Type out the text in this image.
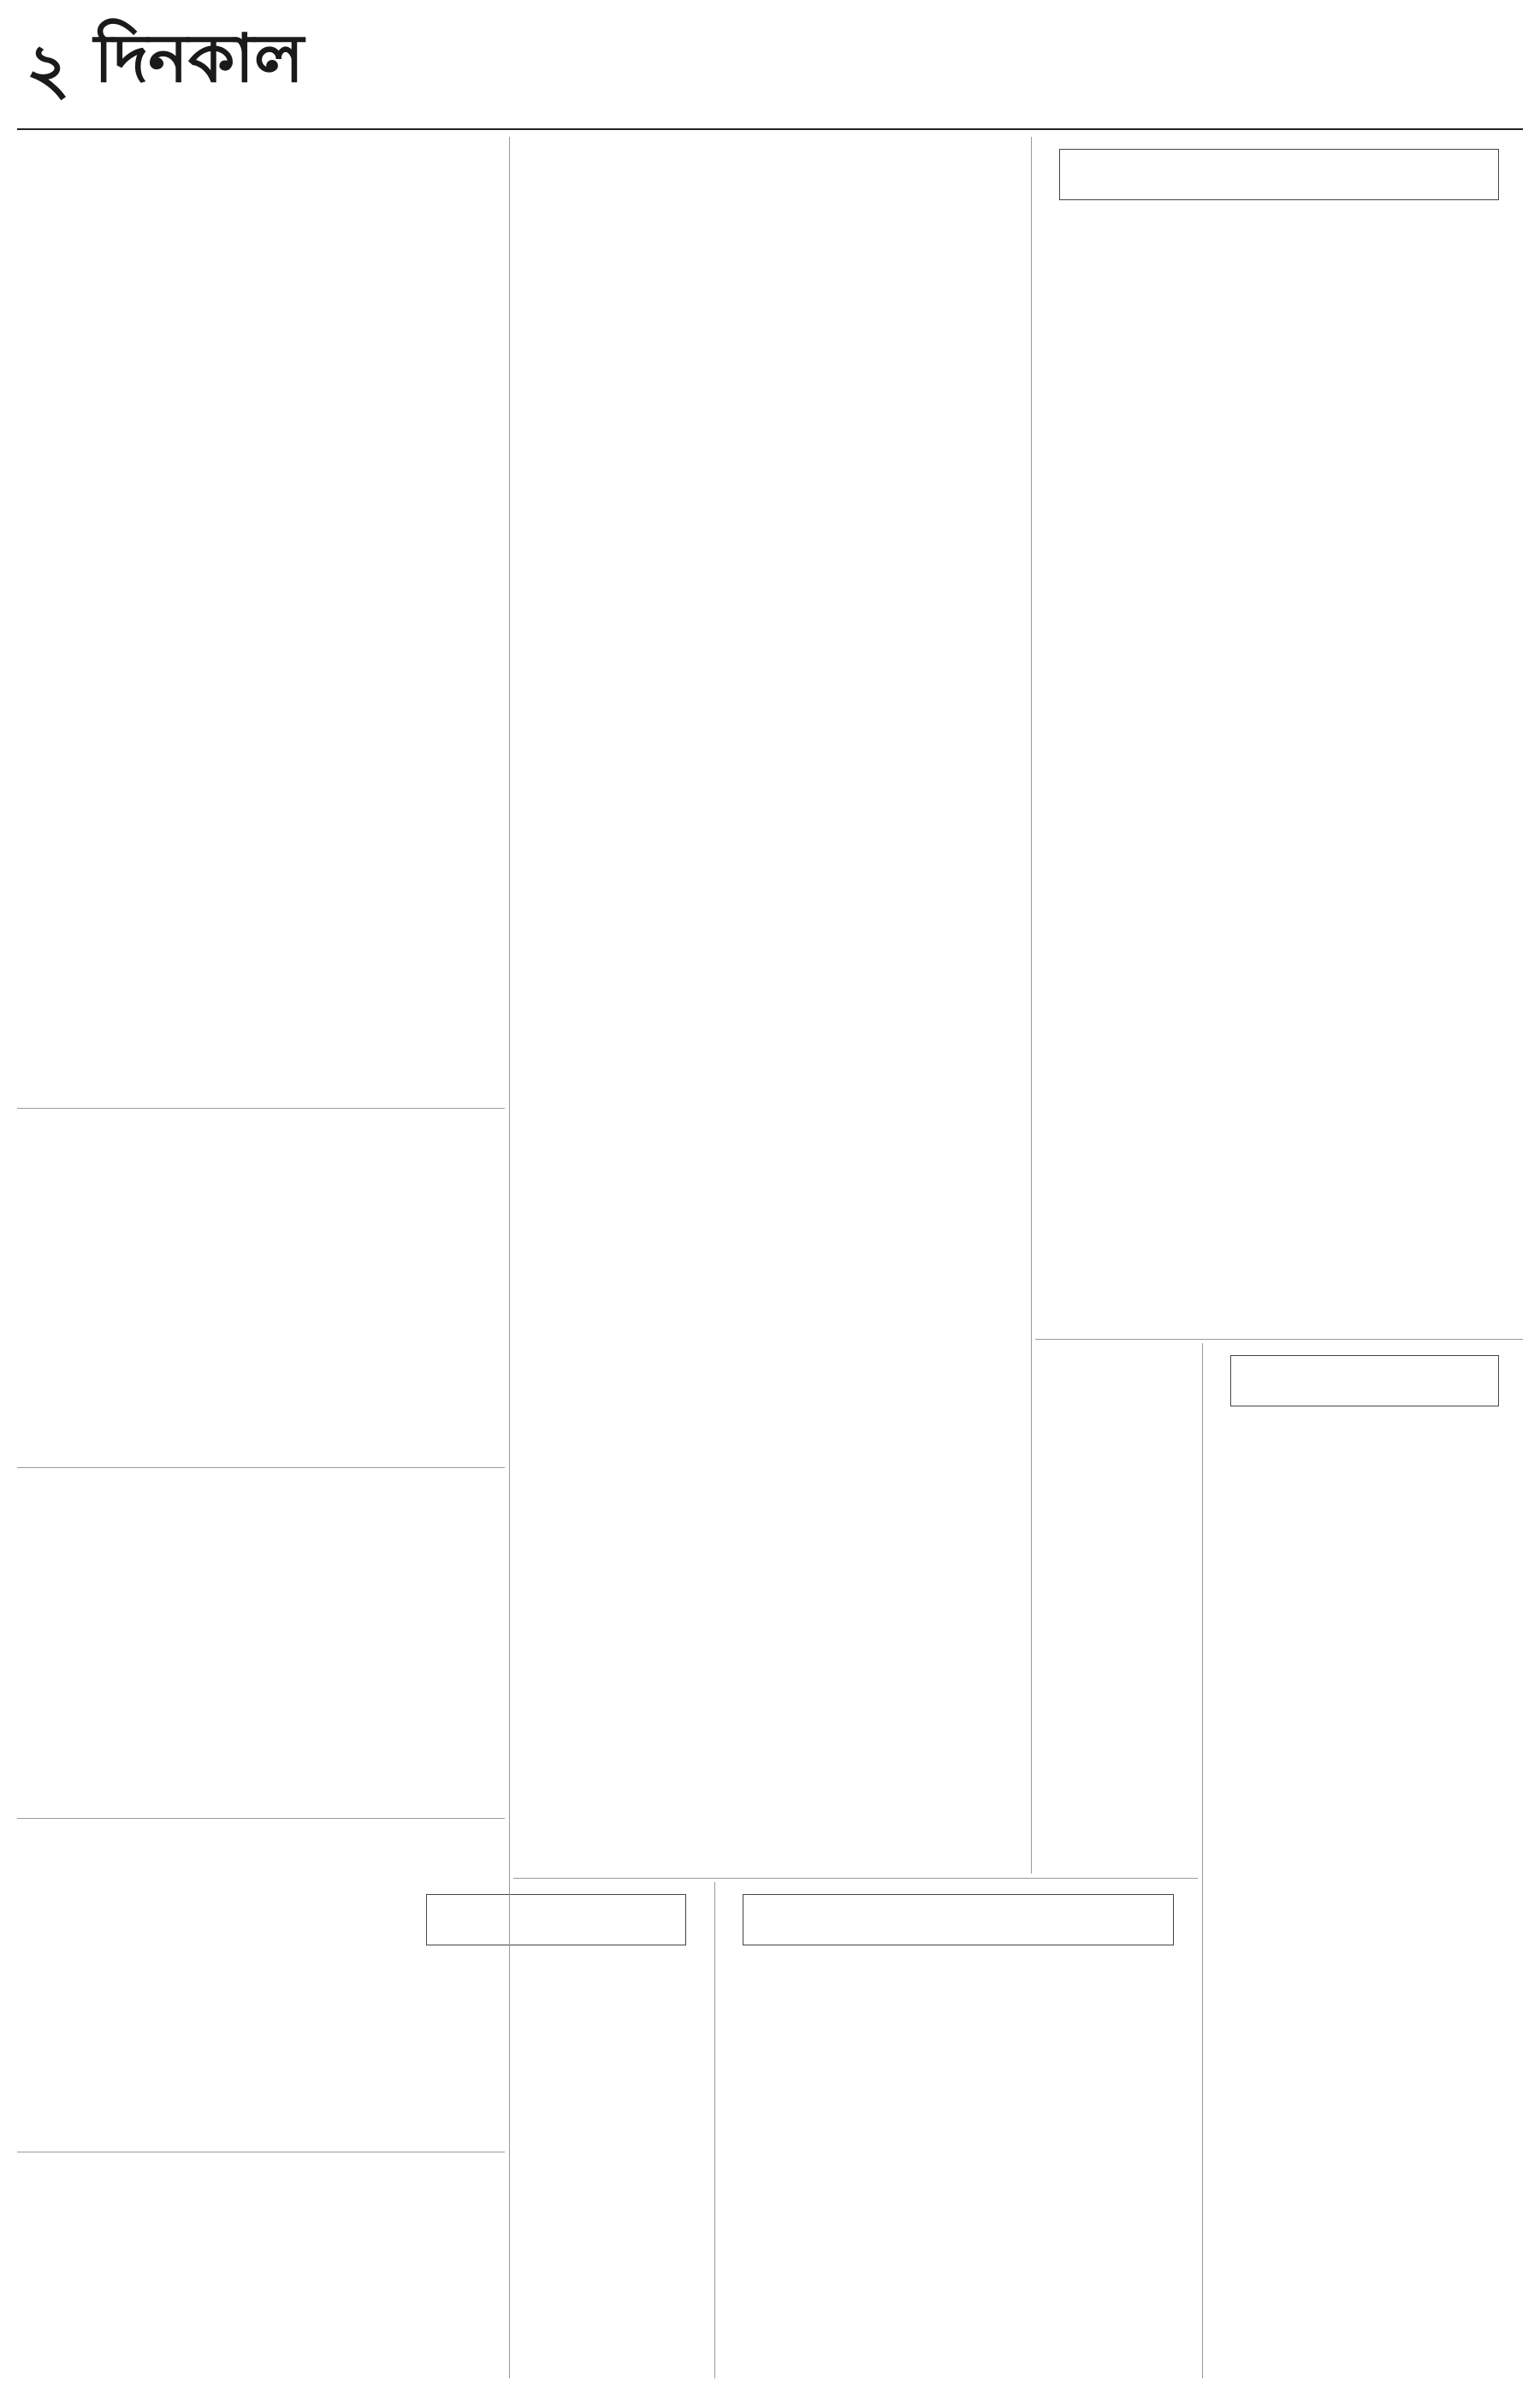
২ দিনকাল
